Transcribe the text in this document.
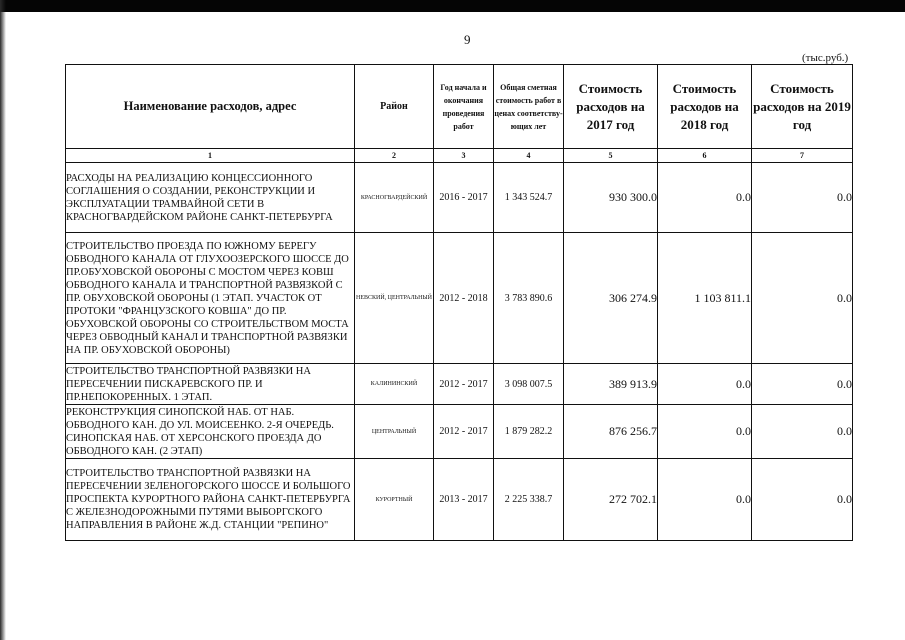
9
(тыс.руб.)
Наименование расходов, адрес	Район	Год начала и окончания проведения работ	Общая сметная стоимость работ в ценах соответству- ющих лет	Стоимость расходов на 2017 год	Стоимость расходов на 2018 год	Стоимость расходов на 2019 год
1	2	3	4	5	6	7
РАСХОДЫ НА РЕАЛИЗАЦИЮ КОНЦЕССИОННОГО СОГЛАШЕНИЯ О СОЗДАНИИ, РЕКОНСТРУКЦИИ И ЭКСПЛУАТАЦИИ ТРАМВАЙНОЙ СЕТИ В КРАСНОГВАРДЕЙСКОМ РАЙОНЕ САНКТ-ПЕТЕРБУРГА	КРАСНОГВАРДЕЙСКИЙ	2016 - 2017	1 343 524.7	930 300.0	0.0	0.0
СТРОИТЕЛЬСТВО ПРОЕЗДА ПО ЮЖНОМУ БЕРЕГУ ОБВОДНОГО КАНАЛА ОТ ГЛУХООЗЕРСКОГО ШОССЕ ДО ПР.ОБУХОВСКОЙ ОБОРОНЫ С МОСТОМ ЧЕРЕЗ КОВШ ОБВОДНОГО КАНАЛА И ТРАНСПОРТНОЙ РАЗВЯЗКОЙ С ПР. ОБУХОВСКОЙ ОБОРОНЫ (1 ЭТАП. УЧАСТОК ОТ ПРОТОКИ "ФРАНЦУЗСКОГО КОВША" ДО ПР. ОБУХОВСКОЙ ОБОРОНЫ СО СТРОИТЕЛЬСТВОМ МОСТА ЧЕРЕЗ ОБВОДНЫЙ КАНАЛ И ТРАНСПОРТНОЙ РАЗВЯЗКИ НА ПР. ОБУХОВСКОЙ ОБОРОНЫ)	НЕВСКИЙ, ЦЕНТРАЛЬНЫЙ	2012 - 2018	3 783 890.6	306 274.9	1 103 811.1	0.0
СТРОИТЕЛЬСТВО ТРАНСПОРТНОЙ РАЗВЯЗКИ НА ПЕРЕСЕЧЕНИИ ПИСКАРЕВСКОГО ПР. И ПР.НЕПОКОРЕННЫХ. 1 ЭТАП.	КАЛИНИНСКИЙ	2012 - 2017	3 098 007.5	389 913.9	0.0	0.0
РЕКОНСТРУКЦИЯ СИНОПСКОЙ НАБ. ОТ НАБ. ОБВОДНОГО КАН. ДО УЛ. МОИСЕЕНКО. 2-Я ОЧЕРЕДЬ. СИНОПСКАЯ НАБ. ОТ ХЕРСОНСКОГО ПРОЕЗДА ДО ОБВОДНОГО КАН. (2 ЭТАП)	ЦЕНТРАЛЬНЫЙ	2012 - 2017	1 879 282.2	876 256.7	0.0	0.0
СТРОИТЕЛЬСТВО ТРАНСПОРТНОЙ РАЗВЯЗКИ НА ПЕРЕСЕЧЕНИИ ЗЕЛЕНОГОРСКОГО ШОССЕ И БОЛЬШОГО ПРОСПЕКТА КУРОРТНОГО РАЙОНА САНКТ-ПЕТЕРБУРГА С ЖЕЛЕЗНОДОРОЖНЫМИ ПУТЯМИ ВЫБОРГСКОГО НАПРАВЛЕНИЯ В РАЙОНЕ Ж.Д. СТАНЦИИ "РЕПИНО"	КУРОРТНЫЙ	2013 - 2017	2 225 338.7	272 702.1	0.0	0.0
